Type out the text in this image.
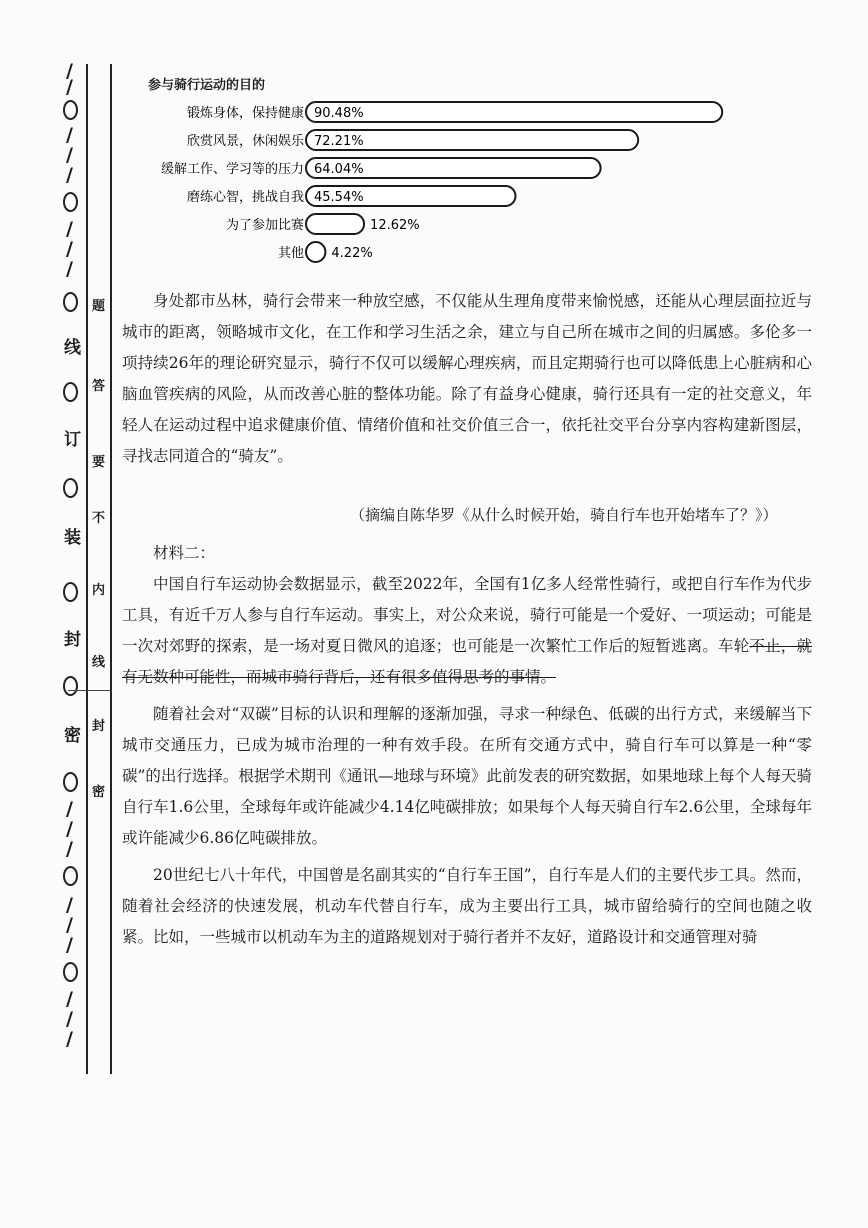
/
/
/
/
/
/
/
/
线
订
装
封
密
/
/
/
/
/
/
/
/
/
题
答
要
不
内
线
封
密
参与骑行运动的目的
锻炼身体，保持健康 90.48%
欣赏风景，休闲娱乐 72.21%
缓解工作、学习等的压力 64.04%
磨练心智，挑战自我 45.54%
为了参加比赛	12.62%
其他 4.22%

身处都市丛林，骑行会带来一种放空感，不仅能从生理角度带来愉悦感，还能从心理层面拉近与城市的距离，领略城市文化，在工作和学习生活之余，建立与自己所在城市之间的归属感。多伦多一项持续26年的理论研究显示，骑行不仅可以缓解心理疾病，而且定期骑行也可以降低患上心脏病和心脑血管疾病的风险，从而改善心脏的整体功能。除了有益身心健康，骑行还具有一定的社交意义，年轻人在运动过程中追求健康价值、情绪价值和社交价值三合一，依托社交平台分享内容构建新图层，寻找志同道合的“骑友”。

（摘编自陈华罗《从什么时候开始，骑自行车也开始堵车了？》）

材料二：

中国自行车运动协会数据显示，截至2022年，全国有1亿多人经常性骑行，或把自行车作为代步工具，有近千万人参与自行车运动。事实上，对公众来说，骑行可能是一个爱好、一项运动；可能是一次对郊野的探索，是一场对夏日微风的追逐；也可能是一次繁忙工作后的短暂逃离。车轮不止，就有无数种可能性，而城市骑行背后，还有很多值得思考的事情。

随着社会对“双碳”目标的认识和理解的逐渐加强，寻求一种绿色、低碳的出行方式，来缓解当下城市交通压力，已成为城市治理的一种有效手段。在所有交通方式中，骑自行车可以算是一种“零碳”的出行选择。根据学术期刊《通讯—地球与环境》此前发表的研究数据，如果地球上每个人每天骑自行车1.6公里，全球每年或许能减少4.14亿吨碳排放；如果每个人每天骑自行车2.6公里，全球每年或许能减少6.86亿吨碳排放。

20世纪七八十年代，中国曾是名副其实的“自行车王国”，自行车是人们的主要代步工具。然而，随着社会经济的快速发展，机动车代替自行车，成为主要出行工具，城市留给骑行的空间也随之收紧。比如，一些城市以机动车为主的道路规划对于骑行者并不友好，道路设计和交通管理对骑
